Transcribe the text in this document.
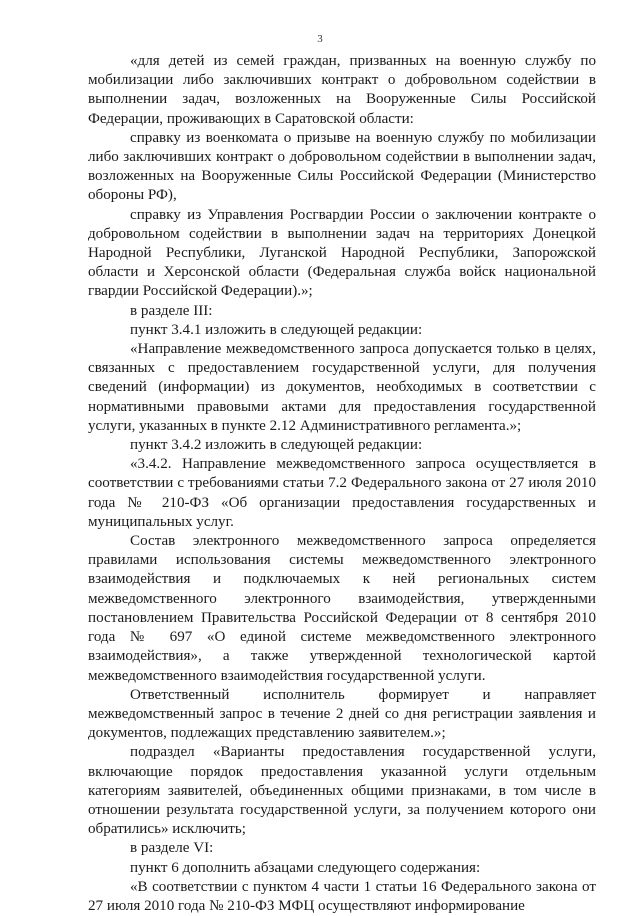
3

«для детей из семей граждан, призванных на военную службу по мобилизации либо заключивших контракт о добровольном содействии в выполнении задач, возложенных на Вооруженные Силы Российской Федерации, проживающих в Саратовской области:

справку из военкомата о призыве на военную службу по мобилизации либо заключивших контракт о добровольном содействии в выполнении задач, возложенных на Вооруженные Силы Российской Федерации (Министерство обороны РФ),

справку из Управления Росгвардии России о заключении контракте о добровольном содействии в выполнении задач на территориях Донецкой Народной Республики, Луганской Народной Республики, Запорожской области и Херсонской области (Федеральная служба войск национальной гвардии Российской Федерации).»;

в разделе III:

пункт 3.4.1 изложить в следующей редакции:

«Направление межведомственного запроса допускается только в целях, связанных с предоставлением государственной услуги, для получения сведений (информации) из документов, необходимых в соответствии с нормативными правовыми актами для предоставления государственной услуги, указанных в пункте 2.12 Административного регламента.»;

пункт 3.4.2 изложить в следующей редакции:

«3.4.2. Направление межведомственного запроса осуществляется в соответствии с требованиями статьи 7.2 Федерального закона от 27 июля 2010 года № 210-ФЗ «Об организации предоставления государственных и муниципальных услуг.

Состав электронного межведомственного запроса определяется правилами использования системы межведомственного электронного взаимодействия и подключаемых к ней региональных систем межведомственного электронного взаимодействия, утвержденными постановлением Правительства Российской Федерации от 8 сентября 2010 года № 697 «О единой системе межведомственного электронного взаимодействия», а также утвержденной технологической картой межведомственного взаимодействия государственной услуги.

Ответственный исполнитель формирует и направляет межведомственный запрос в течение 2 дней со дня регистрации заявления и документов, подлежащих представлению заявителем.»;

подраздел «Варианты предоставления государственной услуги, включающие порядок предоставления указанной услуги отдельным категориям заявителей, объединенных общими признаками, в том числе в отношении результата государственной услуги, за получением которого они обратились» исключить;

в разделе VI:

пункт 6 дополнить абзацами следующего содержания:

«В соответствии с пунктом 4 части 1 статьи 16 Федерального закона от 27 июля 2010 года № 210-ФЗ МФЦ осуществляют информирование
